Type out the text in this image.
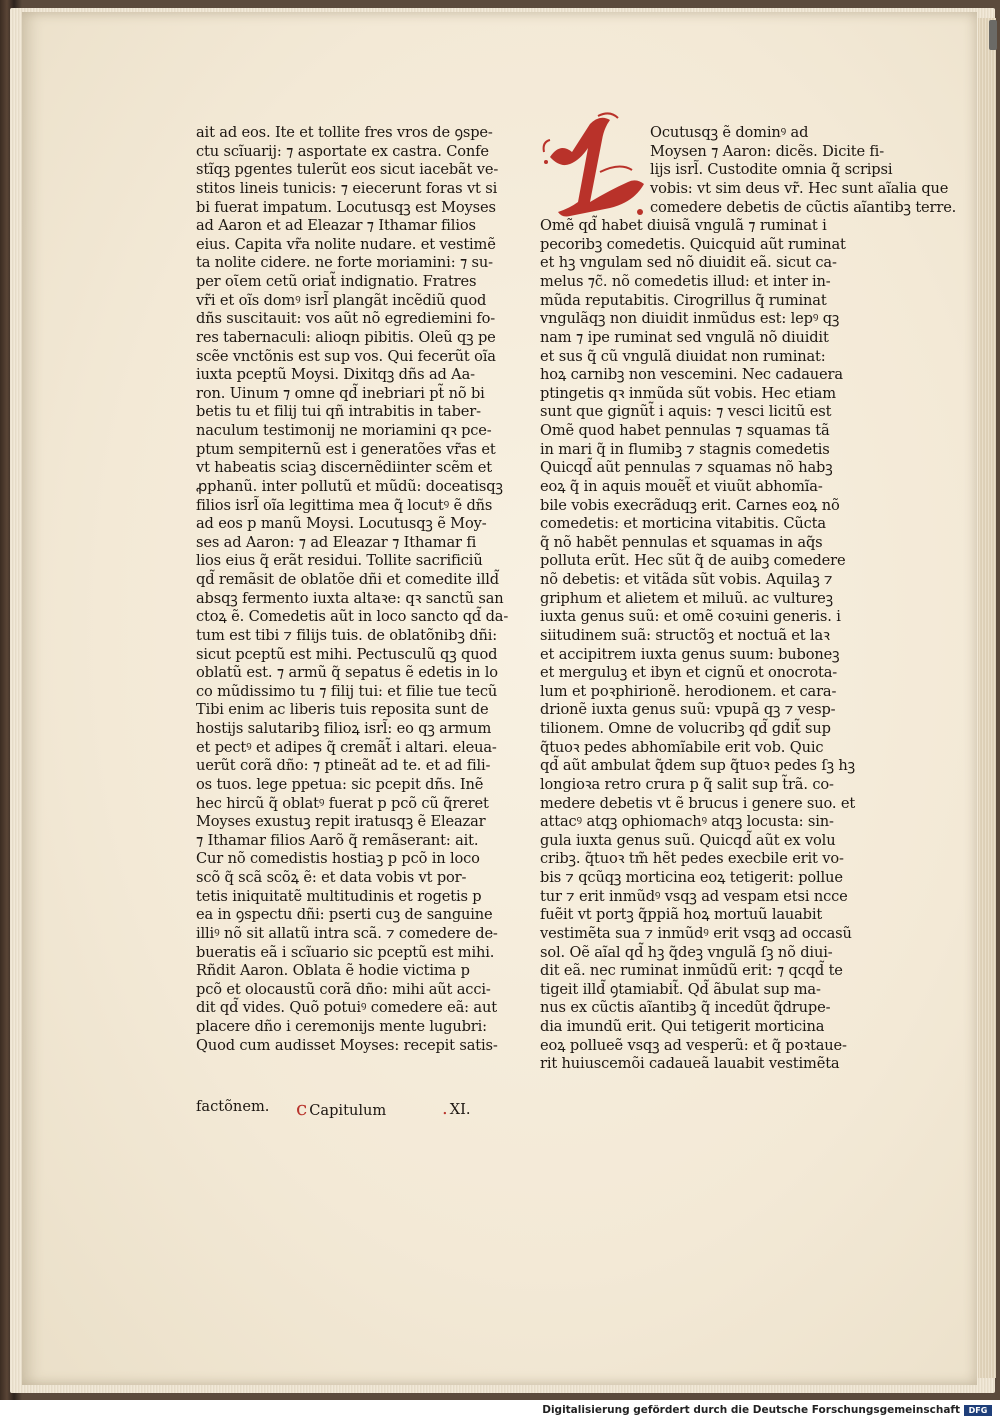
ait ad eos. Ite et tollite fres vros de ꝯspe-
ctu scĩuarij: ⁊ asportate ex castra. Confe
stĩqꝫ pgentes tulerũt eos sicut iacebãt ve-
stitos lineis tunicis: ⁊ eiecerunt foras vt si
bi fuerat impatum. Locutusqꝫ est Moyses
ad Aaron et ad Eleazar ⁊ Ithamar filios
eius. Capita vr̃a nolite nudare. et vestimẽ
ta nolite cidere. ne forte moriamini: ⁊ su-
per oῖem cetũ oriat̃ indignatio. Fratres
vr̃i et oĩs domꝰ isrl̃ plangãt incẽdiũ quod
dñs suscitauit: vos aũt nõ egrediemini fo-
res tabernaculi: alioqn pibitis. Oleũ qꝫ pe
scẽe vnctõnis est sup vos. Qui fecerũt oĩa
iuxta pceptũ Moysi. Dixitqꝫ dñs ad Aa-
ron. Uinum ⁊ omne qd̃ inebriari pt̃ nõ bi
betis tu et filij tui qñ intrabitis in taber-
naculum testimonij ne moriamini qꝛ pce-
ptum sempiternũ est i generatões vr̃as et
vt habeatis sciaꝫ discernẽdiinter scẽm et
ꝓphanũ. inter pollutũ et mũdũ: doceatisqꝫ
filios isrl̃ oĩa legittima mea q̃ locutꝰ ẽ dñs
ad eos p manũ Moysi. Locutusqꝫ ẽ Moy-
ses ad Aaron: ⁊ ad Eleazar ⁊ Ithamar fi
lios eius q̃ erãt residui. Tollite sacrificiũ
qd̃ remãsit de oblatõe dñi et comedite illd̃
absqꝫ fermento iuxta altaꝛe: qꝛ sanctũ san
ctoꝝ ẽ. Comedetis aũt in loco sancto qd̃ da-
tum est tibi ⁊ filijs tuis. de oblatõnibꝫ dñi:
sicut pceptũ est mihi. Pectusculũ qꝫ quod
oblatũ est. ⁊ armũ q̃ sepatus ẽ edetis in lo
co mũdissimo tu ⁊ filij tui: et filie tue tecũ
Tibi enim ac liberis tuis reposita sunt de
hostijs salutaribꝫ filioꝝ isrl̃: eo qꝫ armum
et pectꝰ et adipes q̃ cremãt̃ i altari. eleua-
uerũt corã dño: ⁊ ptineãt ad te. et ad fili-
os tuos. lege ppetua: sic pcepit dñs. Inẽ
hec hircũ q̃ oblatꝰ fuerat p pcõ cũ q̃reret
Moyses exustuꝫ repit iratusqꝫ ẽ Eleazar
⁊ Ithamar filios Aarõ q̃ remãserant: ait.
Cur nõ comedistis hostiaꝫ p pcõ in loco
scõ q̃ scã scõꝝ ẽ: et data vobis vt por-
tetis iniquitatẽ multitudinis et rogetis p
ea in ꝯspectu dñi: pserti cuꝫ de sanguine
illiꝰ nõ sit allatũ intra scã. ⁊ comedere de-
bueratis eã i scĩuario sic pceptũ est mihi.
Rñdit Aaron. Oblata ẽ hodie victima p
pcõ et olocaustũ corã dño: mihi aũt acci-
dit qd̃ vides. Quõ potuiꝰ comedere eã: aut
placere dño i ceremonijs mente lugubri:
Quod cum audisset Moyses: recepit satis-
Ocutusqꝫ ẽ dominꝰ ad
Moysen ⁊ Aaron: dicẽs. Dicite fi-
lijs isrl̃. Custodite omnia q̃ scripsi
vobis: vt sim deus vr̃. Hec sunt aĩalia que
comedere debetis de cũctis aĩantibꝫ terre.
Omẽ qd̃ habet diuisã vngulã ⁊ ruminat i
pecoribꝫ comedetis. Quicquid aũt ruminat
et hꝫ vngulam sed nõ diuidit eã. sicut ca-
melus ⁊c̃. nõ comedetis illud: et inter in-
mũda reputabitis. Cirogrillus q̃ ruminat
vngulãqꝫ non diuidit inmũdus est: lepꝰ qꝫ
nam ⁊ ipe ruminat sed vngulã nõ diuidit
et sus q̃ cũ vngulã diuidat non ruminat:
hoꝝ carnibꝫ non vescemini. Nec cadauera
ptingetis qꝛ inmũda sũt vobis. Hec etiam
sunt que gignũt̃ i aquis: ⁊ vesci licitũ est
Omẽ quod habet pennulas ⁊ squamas tã
in mari q̃ in flumibꝫ ⁊ stagnis comedetis
Quicqd̃ aũt pennulas ⁊ squamas nõ habꝫ
eoꝝ q̃ in aquis mouẽt̃ et viuũt abhomĩa-
bile vobis execrãduqꝫ erit. Carnes eoꝝ nõ
comedetis: et morticina vitabitis. Cũcta
q̃ nõ habẽt pennulas et squamas in aq̃s
polluta erũt. Hec sũt q̃ de auibꝫ comedere
nõ debetis: et vitãda sũt vobis. Aquilaꝫ ⁊
griphum et alietem et miluũ. ac vultureꝫ
iuxta genus suũ: et omẽ coꝛuini generis. i
siitudinem suã: structõꝫ et noctuã et laꝛ
et accipitrem iuxta genus suum: buboneꝫ
et merguluꝫ et ibyn et cignũ et onocrota-
lum et poꝛphirionẽ. herodionem. et cara-
drionẽ iuxta genus suũ: vpupã qꝫ ⁊ vesp-
tilionem. Omne de volucribꝫ qd̃ gdit̃ sup
q̃tuoꝛ pedes abhomĩabile erit vob. Quic
qd̃ aũt ambulat q̃dem sup q̃tuoꝛ pedes ſꝫ hꝫ
longioꝛa retro crura p q̃ salit sup t̃rã. co-
medere debetis vt ẽ brucus i genere suo. et
attacꝰ atqꝫ ophiomachꝰ atqꝫ locusta: sin-
gula iuxta genus suũ. Quicqd̃ aũt ex volu
cribꝫ. q̃tuoꝛ tm̃ hẽt pedes execbile erit vo-
bis ⁊ qcũqꝫ morticina eoꝝ tetigerit: pollue
tur ⁊ erit inmũdꝰ vsqꝫ ad vespam etsi ncce
fuẽit vt portꝫ q̃ppiã hoꝝ mortuũ lauabit
vestimẽta sua ⁊ inmũdꝰ erit vsqꝫ ad occasũ
sol. Oẽ aĩal qd̃ hꝫ q̃deꝫ vngulã ſꝫ nõ diui-
dit eã. nec ruminat inmũdũ erit: ⁊ qcqd̃ te
tigeit illd̃ ꝯtamiabit̃. Qd̃ ãbulat sup ma-
nus ex cũctis aĩantibꝫ q̃ incedũt q̃drupe-
dia imundũ erit. Qui tetigerit morticina
eoꝝ pollueẽ vsqꝫ ad vesperũ: et q̃ poꝛtaue-
rit huiuscemõi cadaueã lauabit vestimẽta
factõnem. ϲ Capitulum	. XI.
Digitalisierung gefördert durch die Deutsche Forschungsgemeinschaft	DFG
